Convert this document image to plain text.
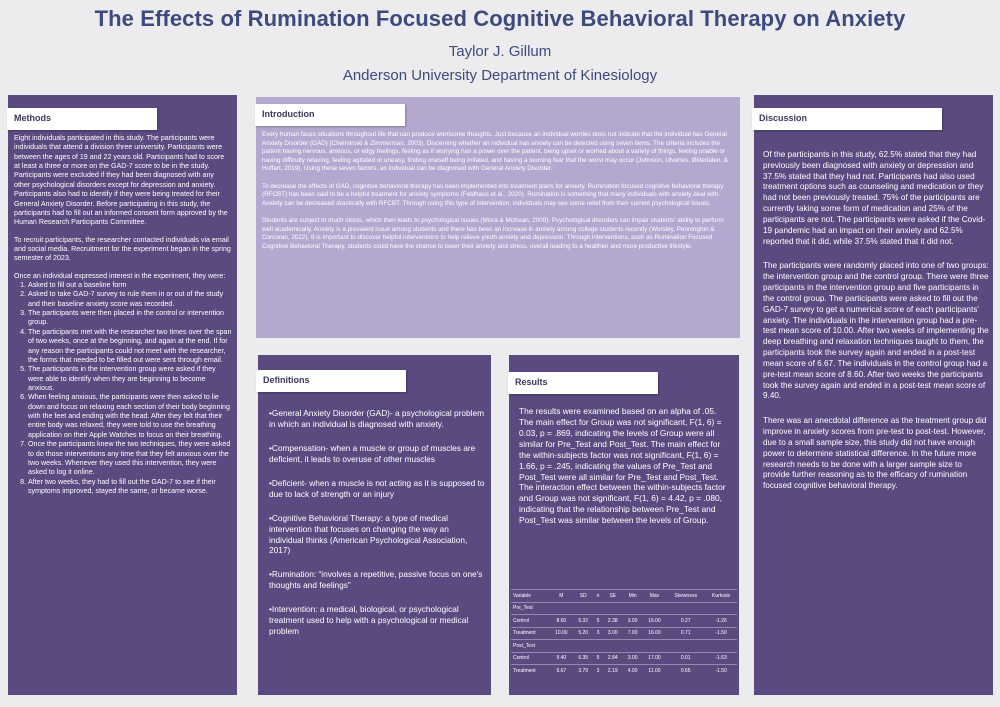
The Effects of Rumination Focused Cognitive Behavioral Therapy on Anxiety
Taylor J. Gillum
Anderson University Department of Kinesiology
Methods

Eight individuals participated in this study. The participants were individuals that attend a division three university. Participants were between the ages of 19 and 22 years old. Participants had to score at least a three or more on the GAD-7 score to be in the study. Participants were excluded if they had been diagnosed with any other psychological disorders except for depression and anxiety. Participants also had to identify if they were being treated for their General Anxiety Disorder. Before participating in this study, the participants had to fill out an informed consent form approved by the Human Research Participants Committee.

To recruit participants, the researcher contacted individuals via email and social media. Recruitment for the experiment began in the spring semester of 2023.

Once an individual expressed interest in the experiment, they were:

1. Asked to fill out a baseline form
2. Asked to take GAD-7 survey to rule them in or out of the study and their baseline anxiety score was recorded.
3. The participants were then placed in the control or intervention group.
4. The participants met with the researcher two times over the span of two weeks, once at the beginning, and again at the end. If for any reason the participants could not meet with the researcher, the forms that needed to be filled out were sent through email.
5. The participants in the intervention group were asked if they were able to identify when they are beginning to become anxious.
6. When feeling anxious, the participants were then asked to lie down and focus on relaxing each section of their body beginning with the feet and ending with the head. After they felt that their entire body was relaxed, they were told to use the breathing application on their Apple Watches to focus on their breathing.
7. Once the participants knew the two techniques, they were asked to do those interventions any time that they felt anxious over the two weeks. Whenever they used this intervention, they were asked to log it online.
8. After two weeks, they had to fill out the GAD-7 to see if their symptoms improved, stayed the same, or became worse.
Introduction

Every human faces situations throughout life that can produce worrisome thoughts. Just because an individual worries does not indicate that the individual has General Anxiety Disorder (GAD) (Chelminski & Zimmerman, 2003). Discerning whether an individual has anxiety can be detected using seven items. The criteria includes the patient having nervous, anxious, or edgy feelings, feeling as if worrying has a power over the patient, being upset or worried about a variety of things, feeling unable or having difficulty relaxing, feeling agitated or uneasy, finding oneself being irritated, and having a looming fear that the worst may occur (Johnson, Ulvenes, Øktedalen, & Hoffart, 2019). Using these seven factors, an individual can be diagnosed with General Anxiety Disorder.

To decrease the effects of GAD, cognitive behavioral therapy has been implemented into treatment plans for anxiety. Rumination focused cognitive behavioral therapy (RFCBT) has been said to be a helpful treatment for anxiety symptoms (Feldhaus et al., 2020). Rumination is something that many individuals with anxiety deal with. Anxiety can be decreased drastically with RFCBT. Through using this type of intervention, individuals may see some relief from their current psychological issues.

Students are subject to much stress, which then leads to psychological issues (Misra & McKean, 2000). Psychological disorders can impair students' ability to perform well academically. Anxiety is a prevalent issue among students and there has been an increase in anxiety among college students recently (Worsley, Pennington & Corcoran, 2022). It is important to discover helpful interventions to help relieve youth anxiety and depression. Through interventions, such as Rumination Focused Cognitive Behavioral Therapy, students could have the chance to lower their anxiety and stress, overall leading to a healthier and more productive lifestyle.

Definitions

•General Anxiety Disorder (GAD)- a psychological problem in which an individual is diagnosed with anxiety.

•Compensation- when a muscle or group of muscles are deficient, it leads to overuse of other muscles

•Deficient- when a muscle is not acting as it is supposed to due to lack of strength or an injury

•Cognitive Behavioral Therapy: a type of medical intervention that focuses on changing the way an individual thinks (American Psychological Association, 2017)

•Rumination: “involves a repetitive, passive focus on one's thoughts and feelings”

•Intervention: a medical, biological, or psychological treatment used to help with a psychological or medical problem

Results
The results were examined based on an alpha of .05. The main effect for Group was not significant, F(1, 6) = 0.03, p = .869, indicating the levels of Group were all similar for Pre_Test and Post_Test. The main effect for the within-subjects factor was not significant, F(1, 6) = 1.66, p = .245, indicating the values of Pre_Test and Post_Test were all similar for Pre_Test and Post_Test. The interaction effect between the within-subjects factor and Group was not significant, F(1, 6) = 4.42, p = .080, indicating that the relationship between Pre_Test and Post_Test was similar between the levels of Group.
Variable	M	SD	n	SE	Min	Max	Skewness	Kurtosis
Pre_Test								
Control	8.60	5.32	5	2.38	3.00	16.00	0.27	-1.26
Treatment	10.00	5.20	3	3.00	7.00	16.00	0.71	-1.50
Post_Test								
Control	9.40	6.35	5	2.84	3.00	17.00	0.01	-1.63
Treatment	6.67	3.79	3	2.19	4.00	11.00	0.65	-1.50
Discussion

Of the participants in this study, 62.5% stated that they had previously been diagnosed with anxiety or depression and 37.5% stated that they had not. Participants had also used treatment options such as counseling and medication or they had not been previously treated. 75% of the participants are currently taking some form of medication and 25% of the participants are not. The participants were asked if the Covid-19 pandemic had an impact on their anxiety and 62.5% reported that it did, while 37.5% stated that it did not.

The participants were randomly placed into one of two groups: the intervention group and the control group. There were three participants in the intervention group and five participants in the control group. The participants were asked to fill out the GAD-7 survey to get a numerical score of each participants' anxiety. The individuals in the intervention group had a pre-test mean score of 10.00. After two weeks of implementing the deep breathing and relaxation techniques taught to them, the participants took the survey again and ended in a post-test mean score of 6.67. The individuals in the control group had a pre-test mean score of 8.60. After two weeks the participants took the survey again and ended in a post-test mean score of 9.40.

There was an anecdotal difference as the treatment group did improve in anxiety scores from pre-test to post-test. However, due to a small sample size, this study did not have enough power to determine statistical difference. In the future more research needs to be done with a larger sample size to provide further reasoning as to the efficacy of rumination focused cognitive behavioral therapy.
